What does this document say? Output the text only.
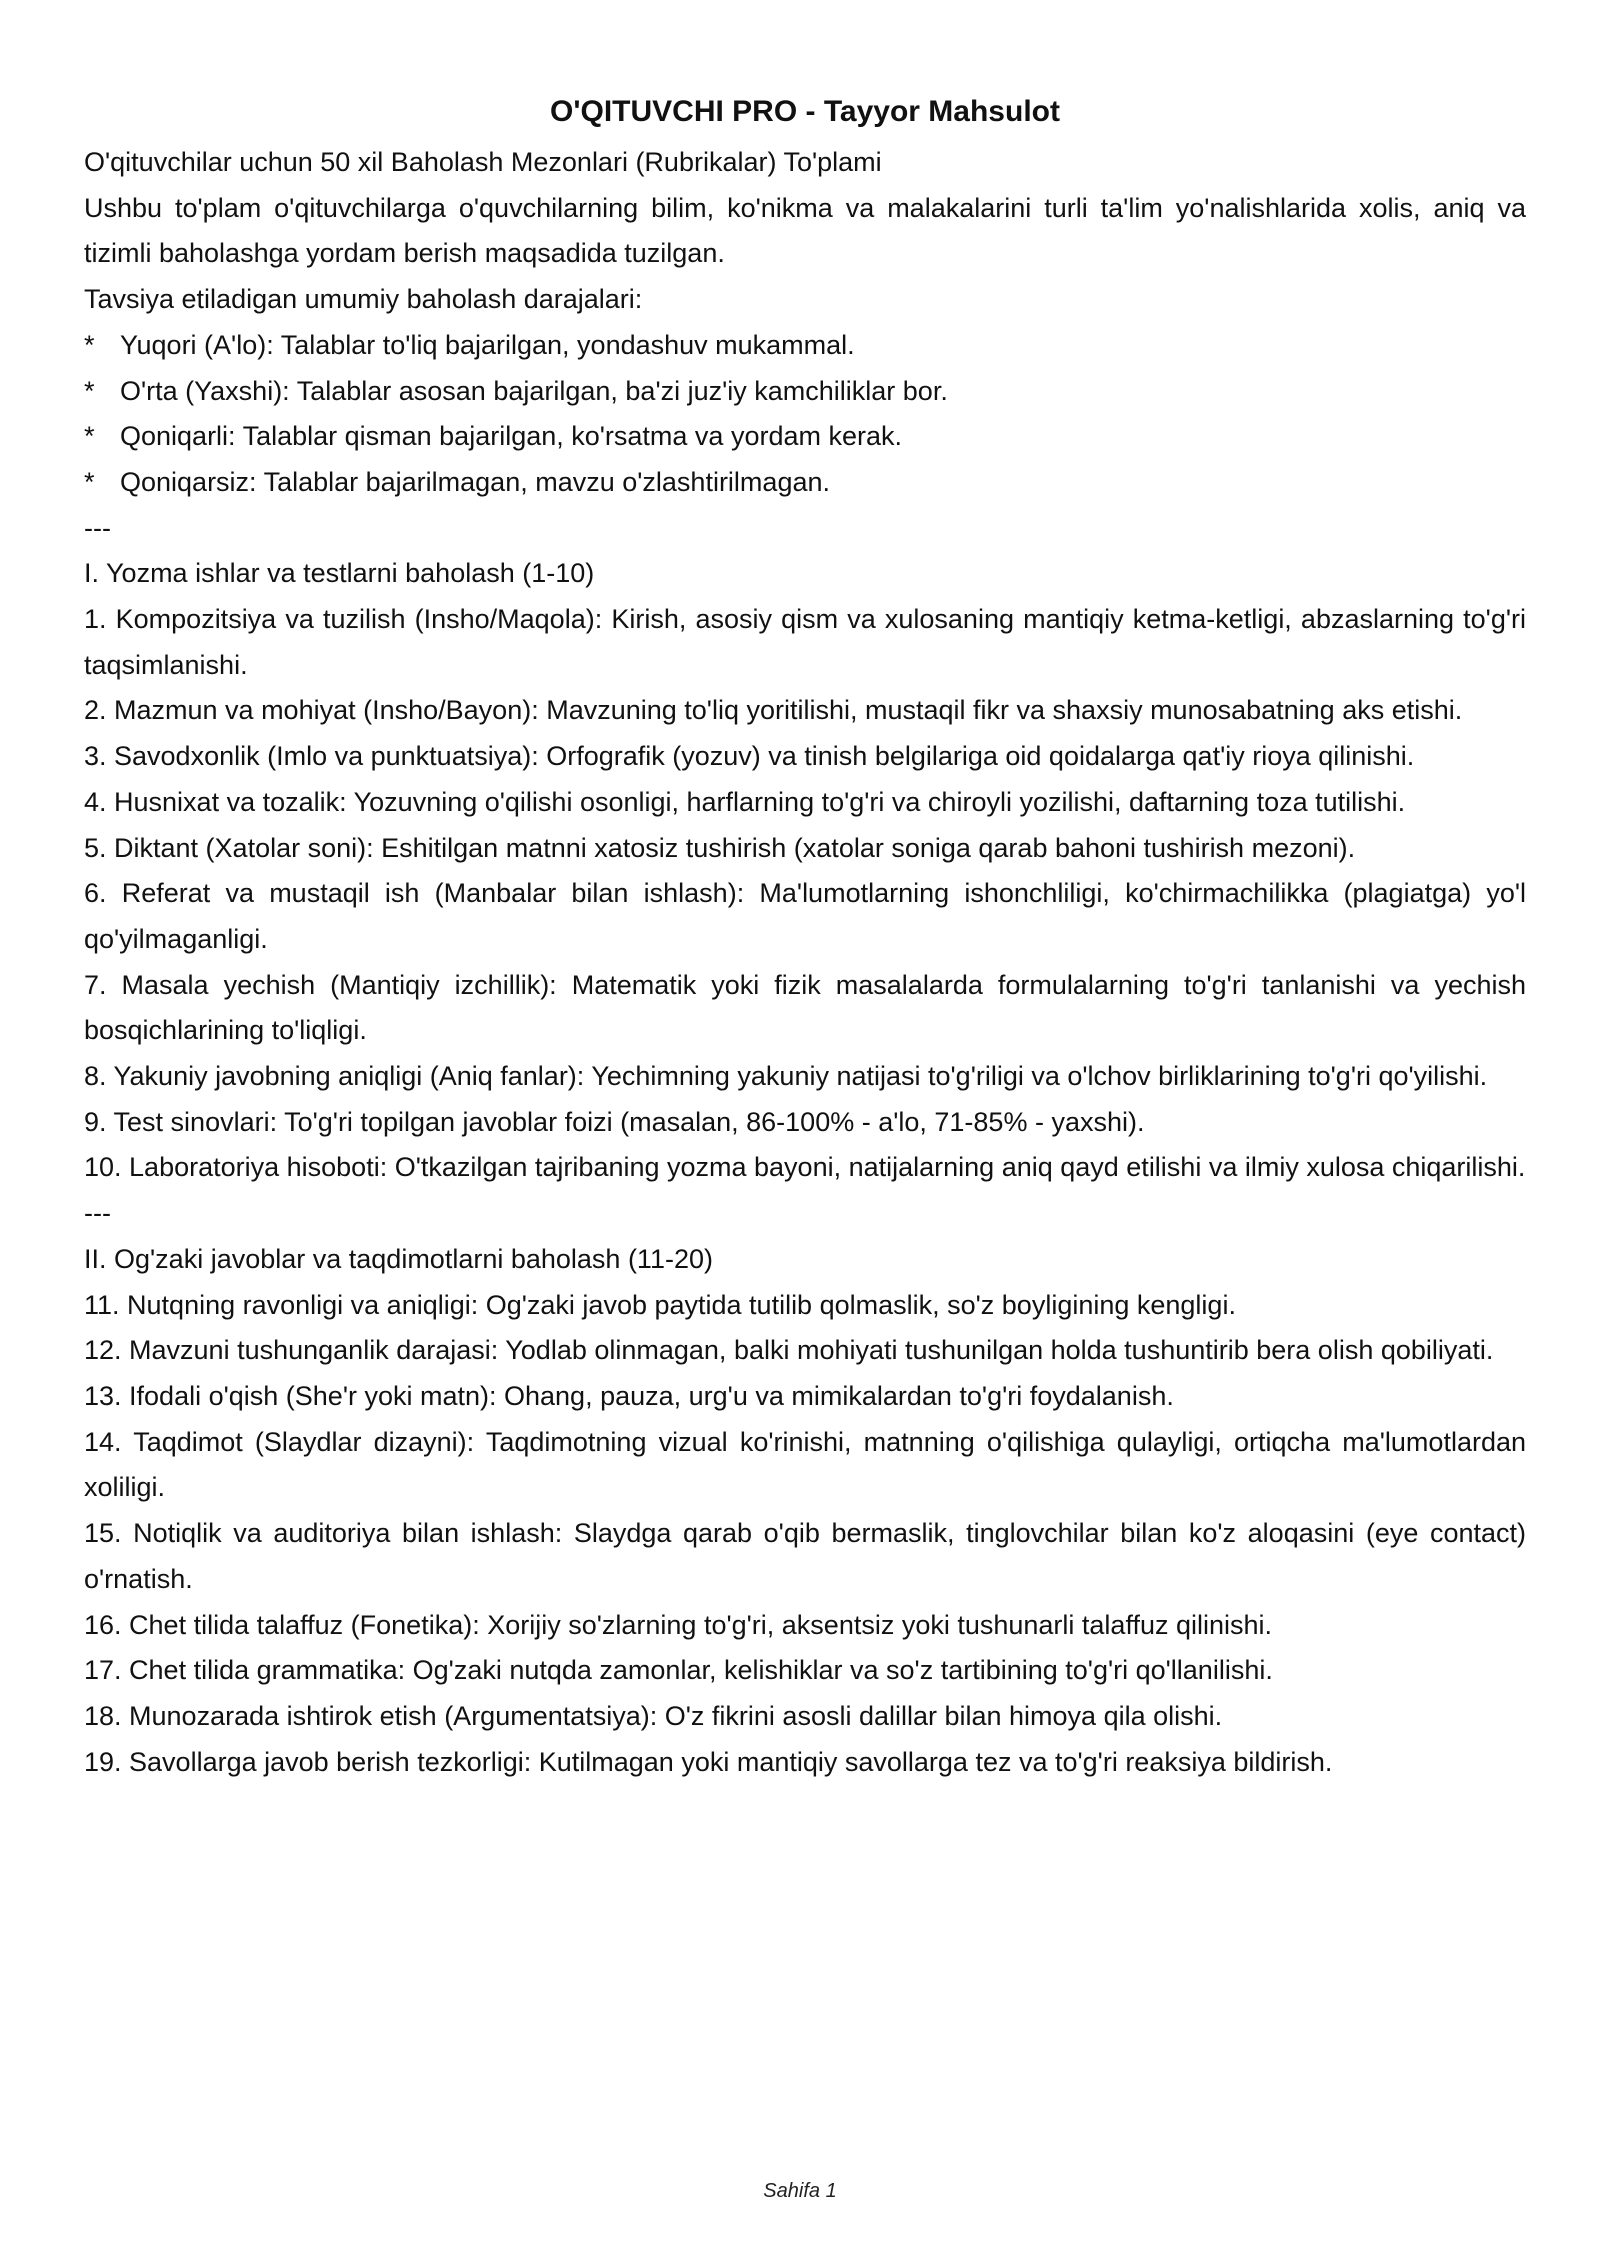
O'QITUVCHI PRO - Tayyor Mahsulot

O'qituvchilar uchun 50 xil Baholash Mezonlari (Rubrikalar) To'plami

Ushbu to'plam o'qituvchilarga o'quvchilarning bilim, ko'nikma va malakalarini turli ta'lim yo'nalishlarida xolis, aniq va tizimli baholashga yordam berish maqsadida tuzilgan.

Tavsiya etiladigan umumiy baholash darajalari:

* Yuqori (A'lo): Talablar to'liq bajarilgan, yondashuv mukammal.
* O'rta (Yaxshi): Talablar asosan bajarilgan, ba'zi juz'iy kamchiliklar bor.
* Qoniqarli: Talablar qisman bajarilgan, ko'rsatma va yordam kerak.
* Qoniqarsiz: Talablar bajarilmagan, mavzu o'zlashtirilmagan.

---

I. Yozma ishlar va testlarni baholash (1-10)

1. Kompozitsiya va tuzilish (Insho/Maqola): Kirish, asosiy qism va xulosaning mantiqiy ketma-ketligi, abzaslarning to'g'ri taqsimlanishi.

2. Mazmun va mohiyat (Insho/Bayon): Mavzuning to'liq yoritilishi, mustaqil fikr va shaxsiy munosabatning aks etishi.

3. Savodxonlik (Imlo va punktuatsiya): Orfografik (yozuv) va tinish belgilariga oid qoidalarga qat'iy rioya qilinishi.

4. Husnixat va tozalik: Yozuvning o'qilishi osonligi, harflarning to'g'ri va chiroyli yozilishi, daftarning toza tutilishi.

5. Diktant (Xatolar soni): Eshitilgan matnni xatosiz tushirish (xatolar soniga qarab bahoni tushirish mezoni).

6. Referat va mustaqil ish (Manbalar bilan ishlash): Ma'lumotlarning ishonchliligi, ko'chirmachilikka (plagiatga) yo'l qo'yilmaganligi.

7. Masala yechish (Mantiqiy izchillik): Matematik yoki fizik masalalarda formulalarning to'g'ri tanlanishi va yechish bosqichlarining to'liqligi.

8. Yakuniy javobning aniqligi (Aniq fanlar): Yechimning yakuniy natijasi to'g'riligi va o'lchov birliklarining to'g'ri qo'yilishi.

9. Test sinovlari: To'g'ri topilgan javoblar foizi (masalan, 86-100% - a'lo, 71-85% - yaxshi).

10. Laboratoriya hisoboti: O'tkazilgan tajribaning yozma bayoni, natijalarning aniq qayd etilishi va ilmiy xulosa chiqarilishi.

---

II. Og'zaki javoblar va taqdimotlarni baholash (11-20)

11. Nutqning ravonligi va aniqligi: Og'zaki javob paytida tutilib qolmaslik, so'z boyligining kengligi.

12. Mavzuni tushunganlik darajasi: Yodlab olinmagan, balki mohiyati tushunilgan holda tushuntirib bera olish qobiliyati.

13. Ifodali o'qish (She'r yoki matn): Ohang, pauza, urg'u va mimikalardan to'g'ri foydalanish.

14. Taqdimot (Slaydlar dizayni): Taqdimotning vizual ko'rinishi, matnning o'qilishiga qulayligi, ortiqcha ma'lumotlardan xoliligi.

15. Notiqlik va auditoriya bilan ishlash: Slaydga qarab o'qib bermaslik, tinglovchilar bilan ko'z aloqasini (eye contact) o'rnatish.

16. Chet tilida talaffuz (Fonetika): Xorijiy so'zlarning to'g'ri, aksentsiz yoki tushunarli talaffuz qilinishi.

17. Chet tilida grammatika: Og'zaki nutqda zamonlar, kelishiklar va so'z tartibining to'g'ri qo'llanilishi.

18. Munozarada ishtirok etish (Argumentatsiya): O'z fikrini asosli dalillar bilan himoya qila olishi.

19. Savollarga javob berish tezkorligi: Kutilmagan yoki mantiqiy savollarga tez va to'g'ri reaksiya bildirish.

Sahifa 1
